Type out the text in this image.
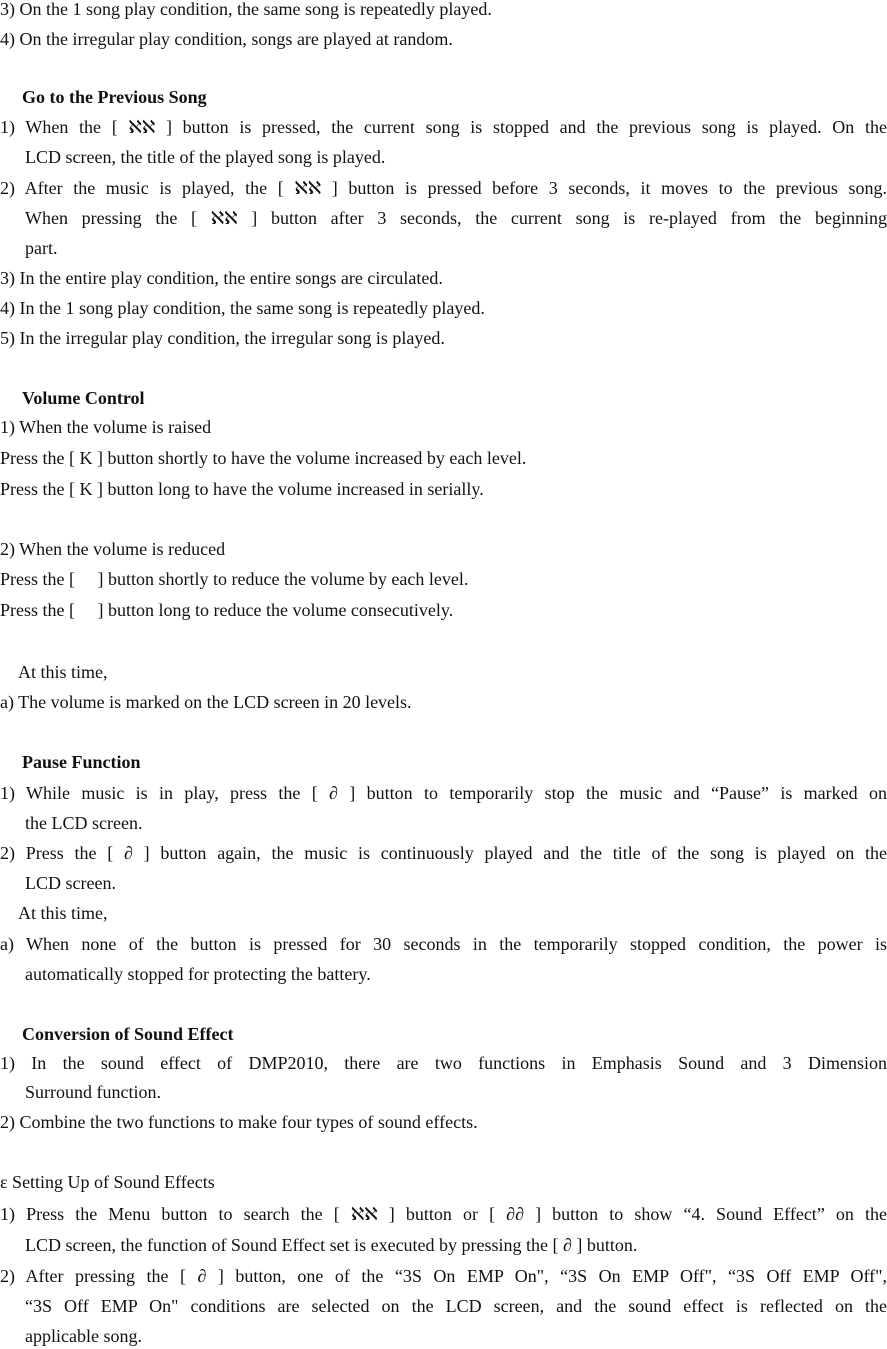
3) On the 1 song play condition, the same song is repeatedly played.
4) On the irregular play condition, songs are played at random.
Go to the Previous Song
1) When the [ ℵℵ ] button is pressed, the current song is stopped and the previous song is played. On the
LCD screen, the title of the played song is played.
2) After the music is played, the [ ℵℵ ] button is pressed before 3 seconds, it moves to the previous song.
When pressing the [ ℵℵ ] button after 3 seconds, the current song is re-played from the beginning
part.
3) In the entire play condition, the entire songs are circulated.
4) In the 1 song play condition, the same song is repeatedly played.
5) In the irregular play condition, the irregular song is played.
Volume Control
1) When the volume is raised
Press the [ K ] button shortly to have the volume increased by each level.
Press the [ K ] button long to have the volume increased in serially.
2) When the volume is reduced
Press the [     ] button shortly to reduce the volume by each level.
Press the [     ] button long to reduce the volume consecutively.
At this time,
a) The volume is marked on the LCD screen in 20 levels.
Pause Function
1) While music is in play, press the [ ∂ ] button to temporarily stop the music and “Pause” is marked on
the LCD screen.
2) Press the [ ∂ ] button again, the music is continuously played and the title of the song is played on the
LCD screen.
At this time,
a) When none of the button is pressed for 30 seconds in the temporarily stopped condition, the power is
automatically stopped for protecting the battery.
Conversion of Sound Effect
1) In the sound effect of DMP2010, there are two functions in Emphasis Sound and 3 Dimension
Surround function.
2) Combine the two functions to make four types of sound effects.
ε Setting Up of Sound Effects
1) Press the Menu button to search the [ ℵℵ ] button or [ ∂∂ ] button to show “4. Sound Effect” on the
LCD screen, the function of Sound Effect set is executed by pressing the [ ∂ ] button.
2) After pressing the [ ∂ ] button, one of the “3S On EMP On", “3S On EMP Off", “3S Off EMP Off",
“3S Off EMP On" conditions are selected on the LCD screen, and the sound effect is reflected on the
applicable song.
